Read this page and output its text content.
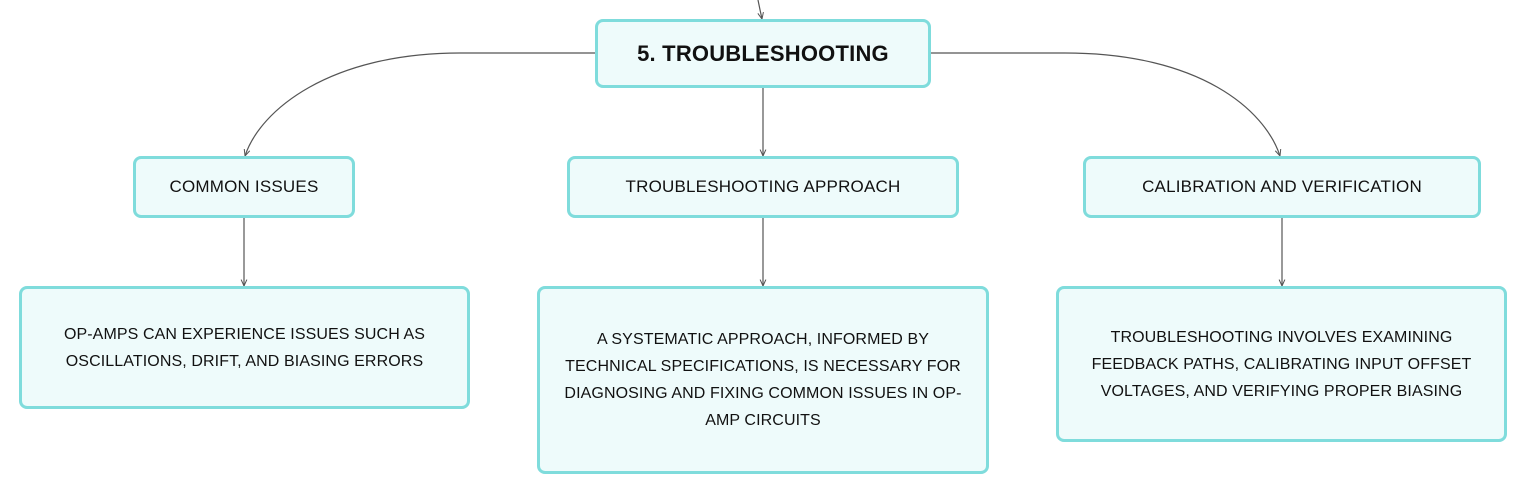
5. TROUBLESHOOTING
COMMON ISSUES	TROUBLESHOOTING APPROACH	CALIBRATION AND VERIFICATION
OP-AMPS CAN EXPERIENCE ISSUES SUCH AS OSCILLATIONS, DRIFT, AND BIASING ERRORS
A SYSTEMATIC APPROACH, INFORMED BY TECHNICAL SPECIFICATIONS, IS NECESSARY FOR DIAGNOSING AND FIXING COMMON ISSUES IN OP-AMP CIRCUITS
TROUBLESHOOTING INVOLVES EXAMINING FEEDBACK PATHS, CALIBRATING INPUT OFFSET VOLTAGES, AND VERIFYING PROPER BIASING
